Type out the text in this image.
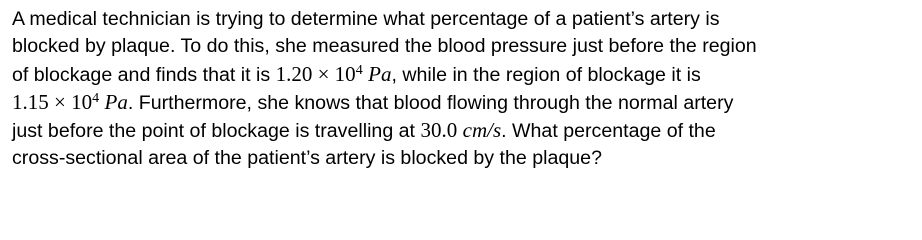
A medical technician is trying to determine what percentage of a patient’s artery is
blocked by plaque. To do this, she measured the blood pressure just before the region
of blockage and finds that it is $1.20 \times 10^4$ Pa, while in the region of blockage it is
$1.15 \times 10^4$ Pa. Furthermore, she knows that blood flowing through the normal artery
just before the point of blockage is travelling at 30.0 cm/s. What percentage of the
cross-sectional area of the patient’s artery is blocked by the plaque?
